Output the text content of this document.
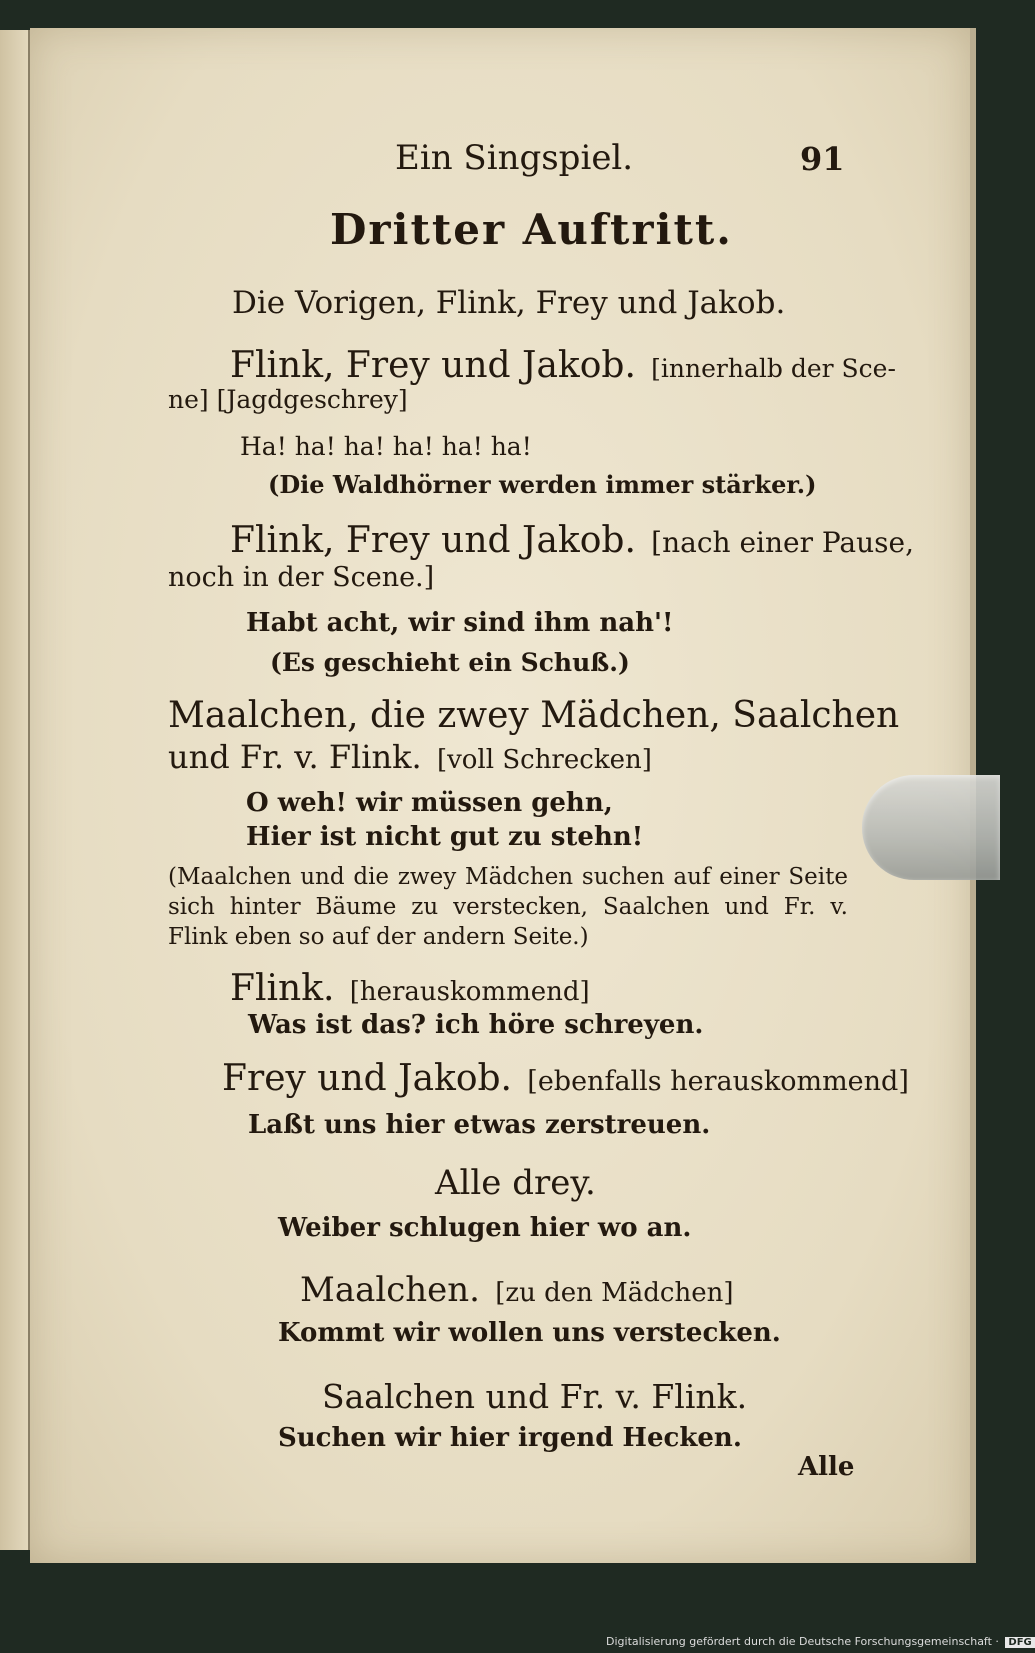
Ein Singspiel.	91
Dritter Auftritt.
Die Vorigen, Flink, Frey und Jakob.
Flink, Frey und Jakob. [innerhalb der Sce-
ne] [Jagdgeschrey]
Ha! ha! ha! ha! ha! ha!
(Die Waldhörner werden immer stärker.)
Flink, Frey und Jakob. [nach einer Pause,
noch in der Scene.]
Habt acht, wir sind ihm nah'!
(Es geschieht ein Schuß.)
Maalchen, die zwey Mädchen, Saalchen
und Fr. v. Flink. [voll Schrecken]
O weh! wir müssen gehn,
Hier ist nicht gut zu stehn!
(Maalchen und die zwey Mädchen suchen auf einer Seite sich hinter Bäume zu verstecken, Saalchen und Fr. v. Flink eben so auf der andern Seite.)
Flink. [herauskommend]
Was ist das? ich höre schreyen.
Frey und Jakob. [ebenfalls herauskommend]
Laßt uns hier etwas zerstreuen.
Alle drey.
Weiber schlugen hier wo an.
Maalchen. [zu den Mädchen]
Kommt wir wollen uns verstecken.
Saalchen und Fr. v. Flink.
Suchen wir hier irgend Hecken.
Alle
Digitalisierung gefördert durch die Deutsche Forschungsgemeinschaft · DFG
